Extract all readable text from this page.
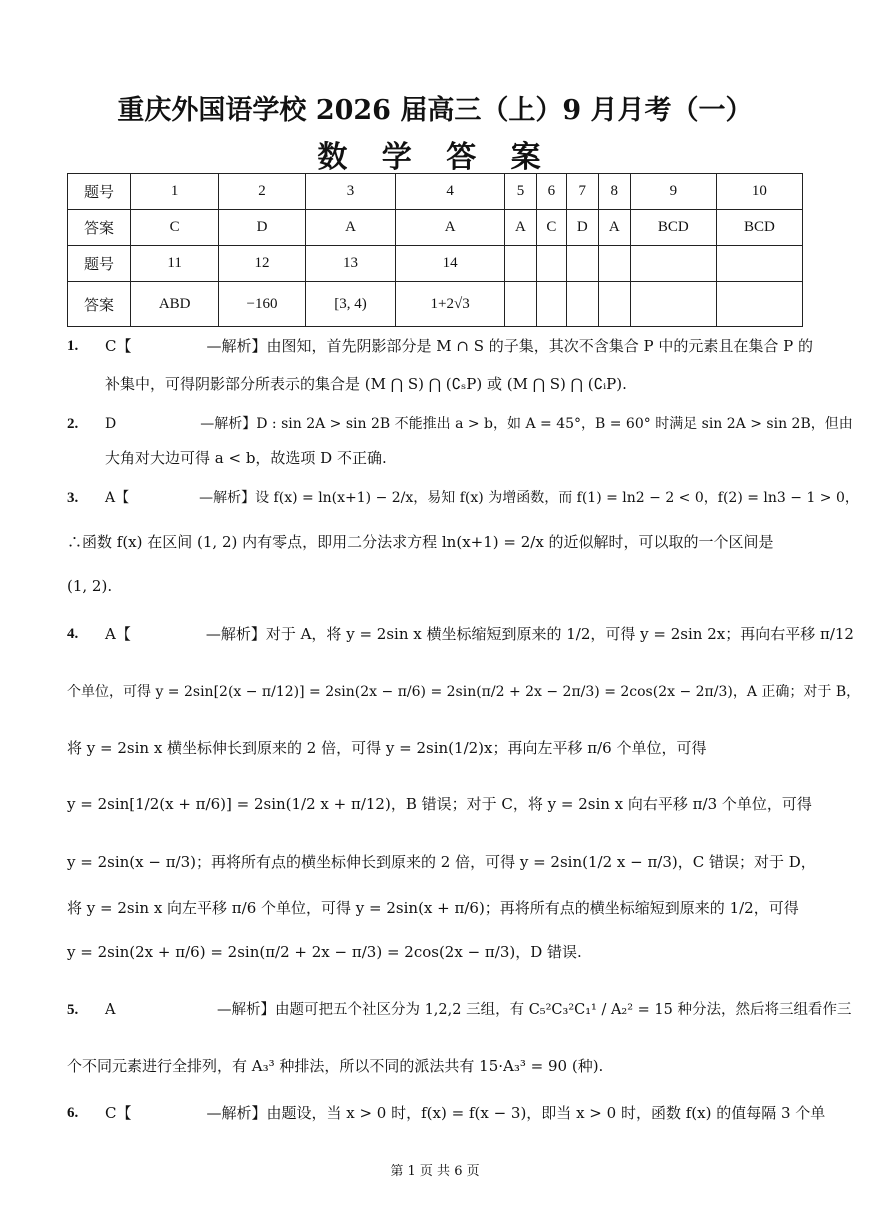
重庆外国语学校 2026 届高三（上）9 月月考（一）
数 学 答 案
题号	1	2	3	4	5	6	7	8	9	10
答案	C	D	A	A	A	C	D	A	BCD	BCD
题号	11	12	13	14						
答案	ABD	−160	[3, 4)	1+2√3						
1. C【　　　　　—解析】由图知，首先阴影部分是 M ∩ S 的子集，其次不含集合 P 中的元素且在集合 P 的
补集中，可得阴影部分所表示的集合是 (M ⋂ S) ⋂ (∁ₛP) 或 (M ⋂ S) ⋂ (∁ᵢP).
2. D　　　　　　—解析】D : sin 2A > sin 2B 不能推出 a > b，如 A = 45°，B = 60° 时满足 sin 2A > sin 2B，但由
大角对大边可得 a < b，故选项 D 不正确.
3. A【　　　　　—解析】设 f(x) = ln(x+1) − 2/x，易知 f(x) 为增函数，而 f(1) = ln2 − 2 < 0，f(2) = ln3 − 1 > 0，
∴函数 f(x) 在区间 (1, 2) 内有零点，即用二分法求方程 ln(x+1) = 2/x 的近似解时，可以取的一个区间是
(1, 2).
4. A【　　　　　—解析】对于 A，将 y = 2sin x 横坐标缩短到原来的 1/2，可得 y = 2sin 2x；再向右平移 π/12
个单位，可得 y = 2sin[2(x − π/12)] = 2sin(2x − π/6) = 2sin(π/2 + 2x − 2π/3) = 2cos(2x − 2π/3)，A 正确；对于 B，
将 y = 2sin x 横坐标伸长到原来的 2 倍，可得 y = 2sin(1/2)x；再向左平移 π/6 个单位，可得
y = 2sin[1/2(x + π/6)] = 2sin(1/2 x + π/12)，B 错误；对于 C，将 y = 2sin x 向右平移 π/3 个单位，可得
y = 2sin(x − π/3)；再将所有点的横坐标伸长到原来的 2 倍，可得 y = 2sin(1/2 x − π/3)，C 错误；对于 D，
将 y = 2sin x 向左平移 π/6 个单位，可得 y = 2sin(x + π/6)；再将所有点的横坐标缩短到原来的 1/2，可得
y = 2sin(2x + π/6) = 2sin(π/2 + 2x − π/3) = 2cos(2x − π/3)，D 错误.
5. A　　　　　　　—解析】由题可把五个社区分为 1,2,2 三组，有 C₅²C₃²C₁¹ / A₂² = 15 种分法，然后将三组看作三
个不同元素进行全排列，有 A₃³ 种排法，所以不同的派法共有 15·A₃³ = 90 (种).
6. C【　　　　　—解析】由题设，当 x > 0 时，f(x) = f(x − 3)，即当 x > 0 时，函数 f(x) 的值每隔 3 个单
第 1 页 共 6 页
